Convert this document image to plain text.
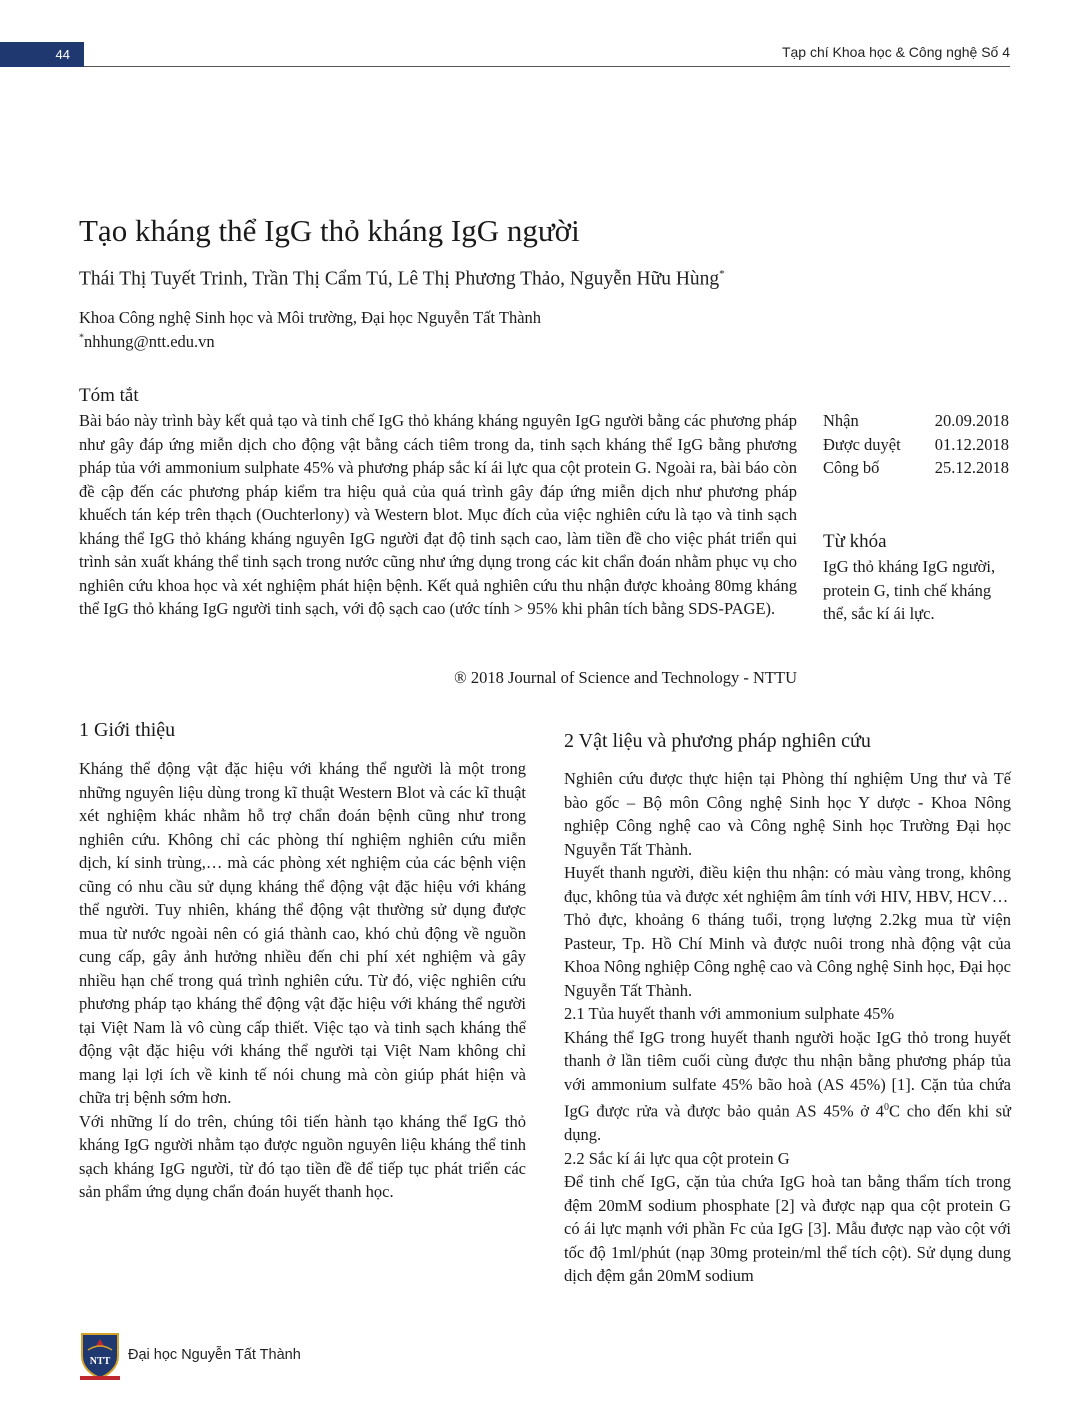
44	Tạp chí Khoa học & Công nghệ Số 4
Tạo kháng thể IgG thỏ kháng IgG người
Thái Thị Tuyết Trinh, Trần Thị Cẩm Tú, Lê Thị Phương Thảo, Nguyễn Hữu Hùng*
Khoa Công nghệ Sinh học và Môi trường, Đại học Nguyễn Tất Thành
*nhhung@ntt.edu.vn
Tóm tắt

Bài báo này trình bày kết quả tạo và tinh chế IgG thỏ kháng kháng nguyên IgG người bằng các phương pháp như gây đáp ứng miễn dịch cho động vật bằng cách tiêm trong da, tinh sạch kháng thể IgG bằng phương pháp tủa với ammonium sulphate 45% và phương pháp sắc kí ái lực qua cột protein G. Ngoài ra, bài báo còn đề cập đến các phương pháp kiểm tra hiệu quả của quá trình gây đáp ứng miễn dịch như phương pháp khuếch tán kép trên thạch (Ouchterlony) và Western blot. Mục đích của việc nghiên cứu là tạo và tinh sạch kháng thể IgG thỏ kháng kháng nguyên IgG người đạt độ tinh sạch cao, làm tiền đề cho việc phát triển qui trình sản xuất kháng thể tinh sạch trong nước cũng như ứng dụng trong các kit chẩn đoán nhằm phục vụ cho nghiên cứu khoa học và xét nghiệm phát hiện bệnh. Kết quả nghiên cứu thu nhận được khoảng 80mg kháng thể IgG thỏ kháng IgG người tinh sạch, với độ sạch cao (ước tính > 95% khi phân tích bằng SDS-PAGE).

® 2018 Journal of Science and Technology - NTTU
Nhận	20.09.2018
Được duyệt 01.12.2018
Công bố	25.12.2018
Từ khóa
IgG thỏ kháng IgG người, protein G, tinh chế kháng thể, sắc kí ái lực.
1 Giới thiệu

Kháng thể động vật đặc hiệu với kháng thể người là một trong những nguyên liệu dùng trong kĩ thuật Western Blot và các kĩ thuật xét nghiệm khác nhằm hỗ trợ chẩn đoán bệnh cũng như trong nghiên cứu. Không chỉ các phòng thí nghiệm nghiên cứu miễn dịch, kí sinh trùng,… mà các phòng xét nghiệm của các bệnh viện cũng có nhu cầu sử dụng kháng thể động vật đặc hiệu với kháng thể người. Tuy nhiên, kháng thể động vật thường sử dụng được mua từ nước ngoài nên có giá thành cao, khó chủ động về nguồn cung cấp, gây ảnh hưởng nhiều đến chi phí xét nghiệm và gây nhiều hạn chế trong quá trình nghiên cứu. Từ đó, việc nghiên cứu phương pháp tạo kháng thể động vật đặc hiệu với kháng thể người tại Việt Nam là vô cùng cấp thiết. Việc tạo và tinh sạch kháng thể động vật đặc hiệu với kháng thể người tại Việt Nam không chỉ mang lại lợi ích về kinh tế nói chung mà còn giúp phát hiện và chữa trị bệnh sớm hơn.

Với những lí do trên, chúng tôi tiến hành tạo kháng thể IgG thỏ kháng IgG người nhằm tạo được nguồn nguyên liệu kháng thể tinh sạch kháng IgG người, từ đó tạo tiền đề để tiếp tục phát triển các sản phẩm ứng dụng chẩn đoán huyết thanh học.

2 Vật liệu và phương pháp nghiên cứu

Nghiên cứu được thực hiện tại Phòng thí nghiệm Ung thư và Tế bào gốc – Bộ môn Công nghệ Sinh học Y dược - Khoa Nông nghiệp Công nghệ cao và Công nghệ Sinh học Trường Đại học Nguyễn Tất Thành.

Huyết thanh người, điều kiện thu nhận: có màu vàng trong, không đục, không tủa và được xét nghiệm âm tính với HIV, HBV, HCV…

Thỏ đực, khoảng 6 tháng tuổi, trọng lượng 2.2kg mua từ viện Pasteur, Tp. Hồ Chí Minh và được nuôi trong nhà động vật của Khoa Nông nghiệp Công nghệ cao và Công nghệ Sinh học, Đại học Nguyễn Tất Thành.

2.1 Tủa huyết thanh với ammonium sulphate 45%

Kháng thể IgG trong huyết thanh người hoặc IgG thỏ trong huyết thanh ở lần tiêm cuối cùng được thu nhận bằng phương pháp tủa với ammonium sulfate 45% bão hoà (AS 45%) [1]. Cặn tủa chứa IgG được rửa và được bảo quản AS 45% ở $4^0C$ cho đến khi sử dụng.

2.2 Sắc kí ái lực qua cột protein G

Để tinh chế IgG, cặn tủa chứa IgG hoà tan bằng thẩm tích trong đệm 20mM sodium phosphate [2] và được nạp qua cột protein G có ái lực mạnh với phần Fc của IgG [3]. Mẫu được nạp vào cột với tốc độ 1ml/phút (nạp 30mg protein/ml thể tích cột). Sử dụng dung dịch đệm gắn 20mM sodium

NTT Đại học Nguyễn Tất Thành
